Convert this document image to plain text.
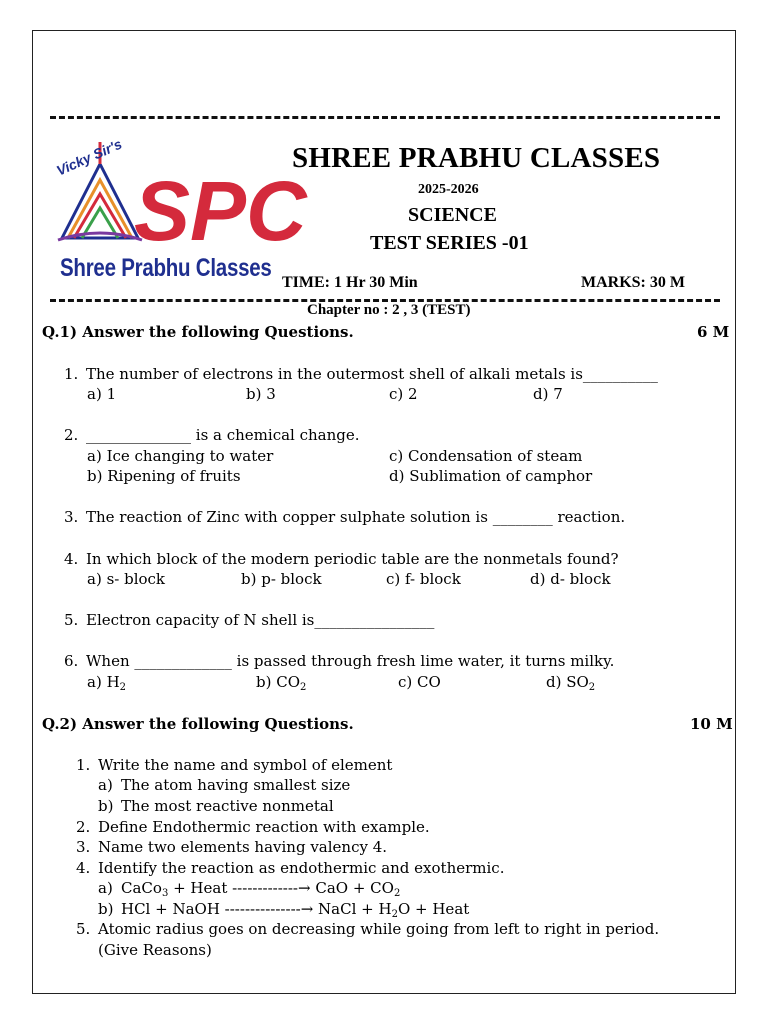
SPC
Vicky Sir's
Shree Prabhu Classes
SHREE PRABHU CLASSES
2025-2026
SCIENCE
TEST SERIES -01
TIME: 1 Hr 30 Min	MARKS: 30 M
Chapter no : 2 , 3 (TEST)
Q.1) Answer the following Questions.	6 M
1. The number of electrons in the outermost shell of alkali metals is__________
a) 1	b) 3	c) 2	d) 7
2. ______________ is a chemical change.
a) Ice changing to water	c) Condensation of steam
b) Ripening of fruits	d) Sublimation of camphor
3. The reaction of Zinc with copper sulphate solution is ________ reaction.
4. In which block of the modern periodic table are the nonmetals found?
a) s- block	b) p- block	c) f- block	d) d- block
5. Electron capacity of N shell is________________
6. When _____________ is passed through fresh lime water, it turns milky.
a) $H_2$	b) $CO_2$	c) CO	d) $SO_2$
Q.2) Answer the following Questions.	10 M
1. Write the name and symbol of element
a) The atom having smallest size
b) The most reactive nonmetal
2. Define Endothermic reaction with example.
3. Name two elements having valency 4.
4. Identify the reaction as endothermic and exothermic.
a) CaCo$_3$ + Heat -------------→ CaO + $CO_2$
b) HCl + NaOH ---------------→ NaCl + $H_2O$ + Heat
5. Atomic radius goes on decreasing while going from left to right in period.
(Give Reasons)
